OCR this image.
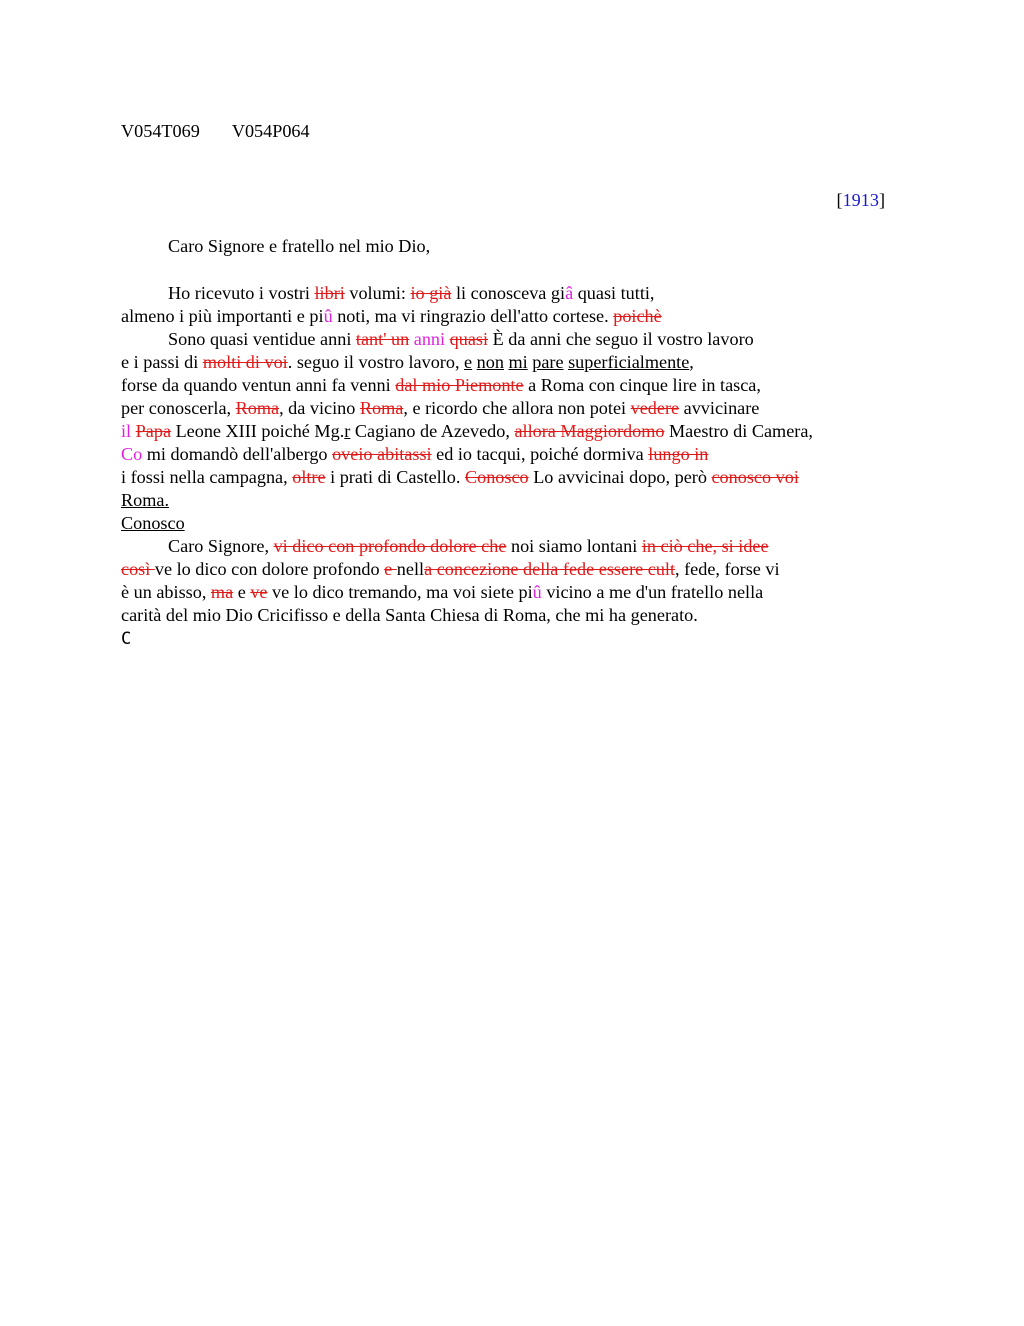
V054T069 V054P064
[1913]
Caro Signore e fratello nel mio Dio,
Ho ricevuto i vostri libri volumi: io già li conosceva giâ quasi tutti,
almeno i più importanti e piû noti, ma vi ringrazio dell'atto cortese. poichè
Sono quasi ventidue anni tant' un anni quasi È da anni che seguo il vostro lavoro
e i passi di molti di voi. seguo il vostro lavoro, e non mi pare superficialmente,
forse da quando ventun anni fa venni dal mio Piemonte a Roma con cinque lire in tasca,
per conoscerla, Roma, da vicino Roma, e ricordo che allora non potei vedere avvicinare
il Papa Leone XIII poiché Mg.r Cagiano de Azevedo, allora Maggiordomo Maestro di Camera,
Co mi domandò dell'albergo oveio abitassi ed io tacqui, poiché dormiva lungo in
i fossi nella campagna, oltre i prati di Castello. Conosco Lo avvicinai dopo, però conosco voi
Roma.
Conosco
Caro Signore, vi dico con profondo dolore che noi siamo lontani in ciò che, si idee
così ve lo dico con dolore profondo e nella concezione della fede essere cult, fede, forse vi
è un abisso, ma e ve ve lo dico tremando, ma voi siete piû vicino a me d'un fratello nella
carità del mio Dio Cricifisso e della Santa Chiesa di Roma, che mi ha generato.
C
